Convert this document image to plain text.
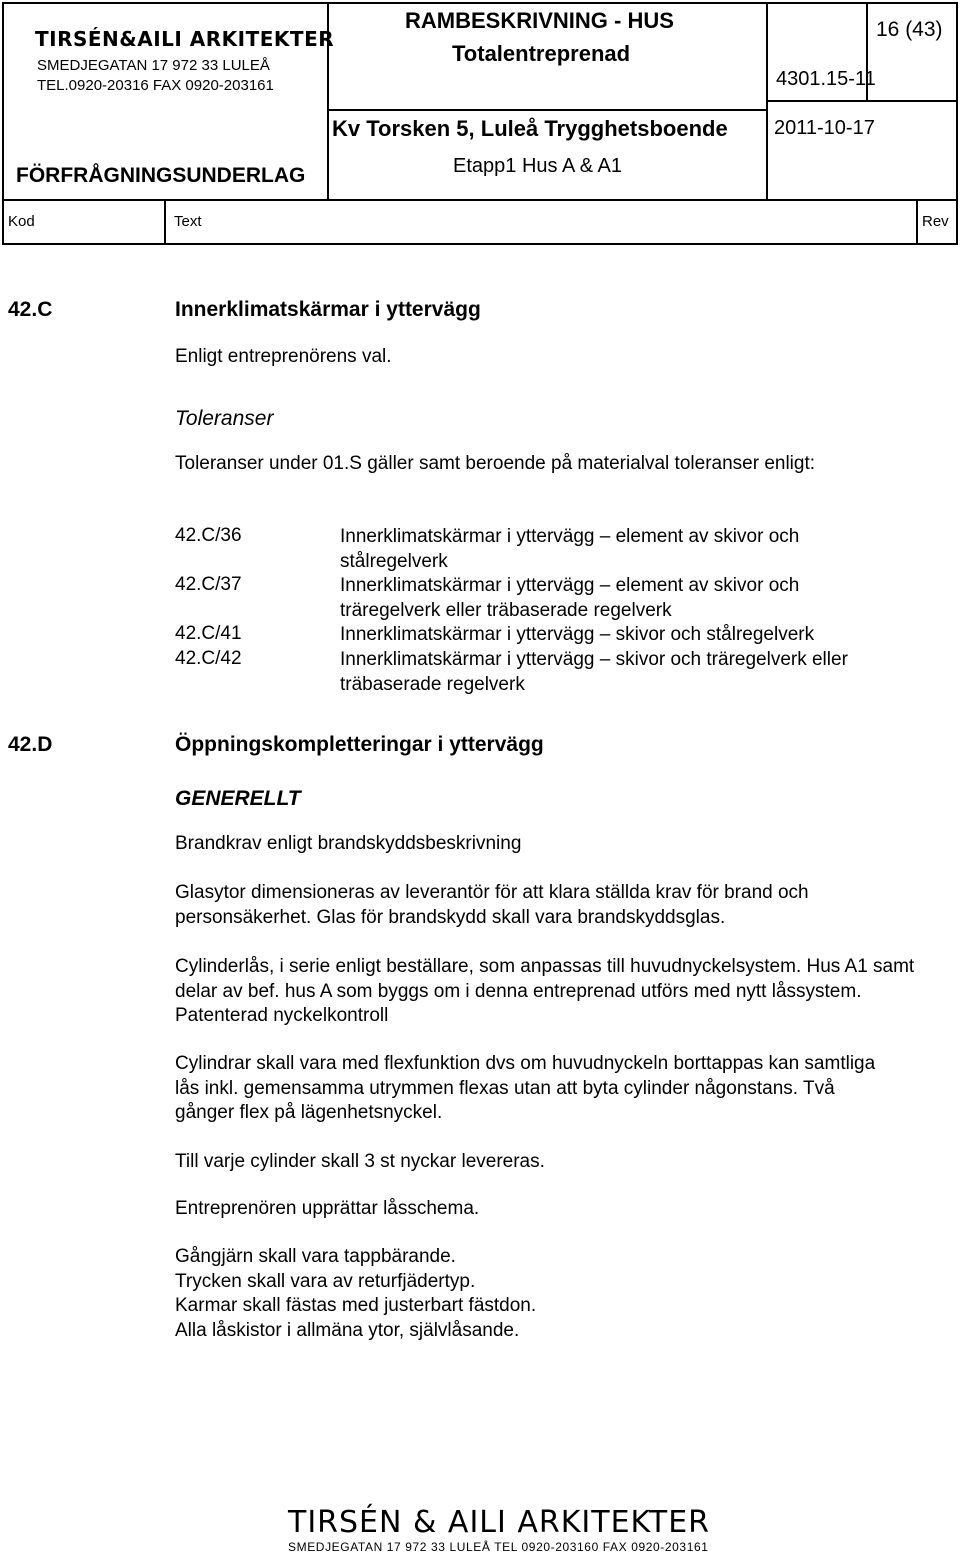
TIRSÉN&AILI ARKITEKTER
SMEDJEGATAN 17 972 33 LULEÅ
TEL.0920-20316 FAX 0920-203161
RAMBESKRIVNING - HUS
Totalentreprenad
16 (43)
4301.15-11
FÖRFRÅGNINGSUNDERLAG
Kv Torsken 5, Luleå Trygghetsboende
Etapp1 Hus A & A1
2011-10-17
Kod	Text	Rev
42.C	Innerklimatskärmar i yttervägg
Enligt entreprenörens val.
Toleranser
Toleranser under 01.S gäller samt beroende på materialval toleranser enligt:
42.C/36	Innerklimatskärmar i yttervägg – element av skivor och stålregelverk
42.C/37	Innerklimatskärmar i yttervägg – element av skivor och träregelverk eller träbaserade regelverk
42.C/41	Innerklimatskärmar i yttervägg – skivor och stålregelverk
42.C/42	Innerklimatskärmar i yttervägg – skivor och träregelverk eller träbaserade regelverk
42.D	Öppningskompletteringar i yttervägg
GENERELLT
Brandkrav enligt brandskyddsbeskrivning
Glasytor dimensioneras av leverantör för att klara ställda krav för brand och personsäkerhet. Glas för brandskydd skall vara brandskyddsglas.
Cylinderlås, i serie enligt beställare, som anpassas till huvudnyckelsystem. Hus A1 samt delar av bef. hus A som byggs om i denna entreprenad utförs med nytt låssystem. Patenterad nyckelkontroll
Cylindrar skall vara med flexfunktion dvs om huvudnyckeln borttappas kan samtliga lås inkl. gemensamma utrymmen flexas utan att byta cylinder någonstans. Två gånger flex på lägenhetsnyckel.
Till varje cylinder skall 3 st nyckar levereras.
Entreprenören upprättar låsschema.
Gångjärn skall vara tappbärande.
Trycken skall vara av returfjädertyp.
Karmar skall fästas med justerbart fästdon.
Alla låskistor i allmäna ytor, självlåsande.
TIRSÉN & AILI ARKITEKTER
SMEDJEGATAN 17 972 33 LULEÅ TEL 0920-203160 FAX 0920-203161
